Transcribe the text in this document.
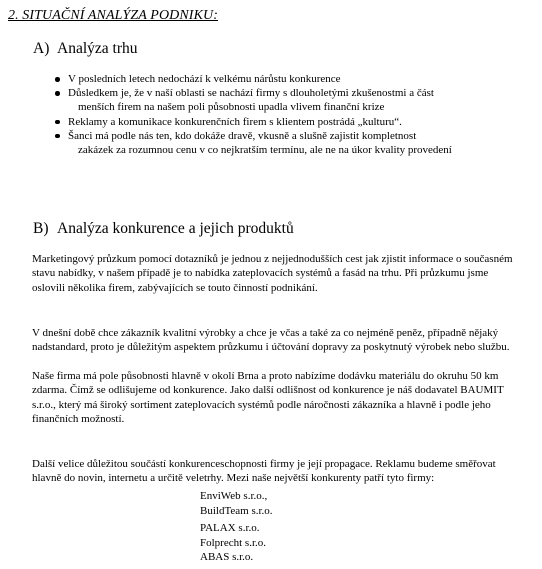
2. SITUAČNÍ ANALÝZA PODNIKU:
A) Analýza trhu
V posledních letech nedochází k velkému nárůstu konkurence
Důsledkem je, že v naší oblasti se nachází firmy s dlouholetými zkušenostmi a část
menších firem na našem poli působnosti upadla vlivem finanční krize
Reklamy a komunikace konkurenčních firem s klientem postrádá „kulturu“.
Šanci má podle nás ten, kdo dokáže dravě, vkusně a slušně zajistit kompletnost
zakázek za rozumnou cenu v co nejkratším termínu, ale ne na úkor kvality provedení
B) Analýza konkurence a jejich produktů

Marketingový průzkum pomocí dotazníků je jednou z nejjednodušších cest jak zjistit informace o současném stavu nabídky, v našem případě je to nabídka zateplovacích systémů a fasád na trhu. Při průzkumu jsme oslovili několika firem, zabývajících se touto činností podnikání.

V dnešní době chce zákazník kvalitní výrobky a chce je včas a také za co nejméně peněz, případně nějaký nadstandard, proto je důležitým aspektem průzkumu i účtování dopravy za poskytnutý výrobek nebo službu.

Naše firma má pole působnosti hlavně v okolí Brna a proto nabízíme dodávku materiálu do okruhu 50 km zdarma. Čímž se odlišujeme od konkurence. Jako další odlišnost od konkurence je náš dodavatel BAUMIT s.r.o., který má široký sortiment zateplovacích systémů podle náročnosti zákazníka a hlavně i podle jeho finančních možností.

Další velice důležitou součástí konkurenceschopnosti firmy je její propagace. Reklamu budeme směřovat hlavně do novin, internetu a určitě veletrhy. Mezi naše největší konkurenty patří tyto firmy:

EnviWeb s.r.o.,
BuildTeam s.r.o.
PALAX s.r.o.
Folprecht s.r.o.
ABAS s.r.o.
